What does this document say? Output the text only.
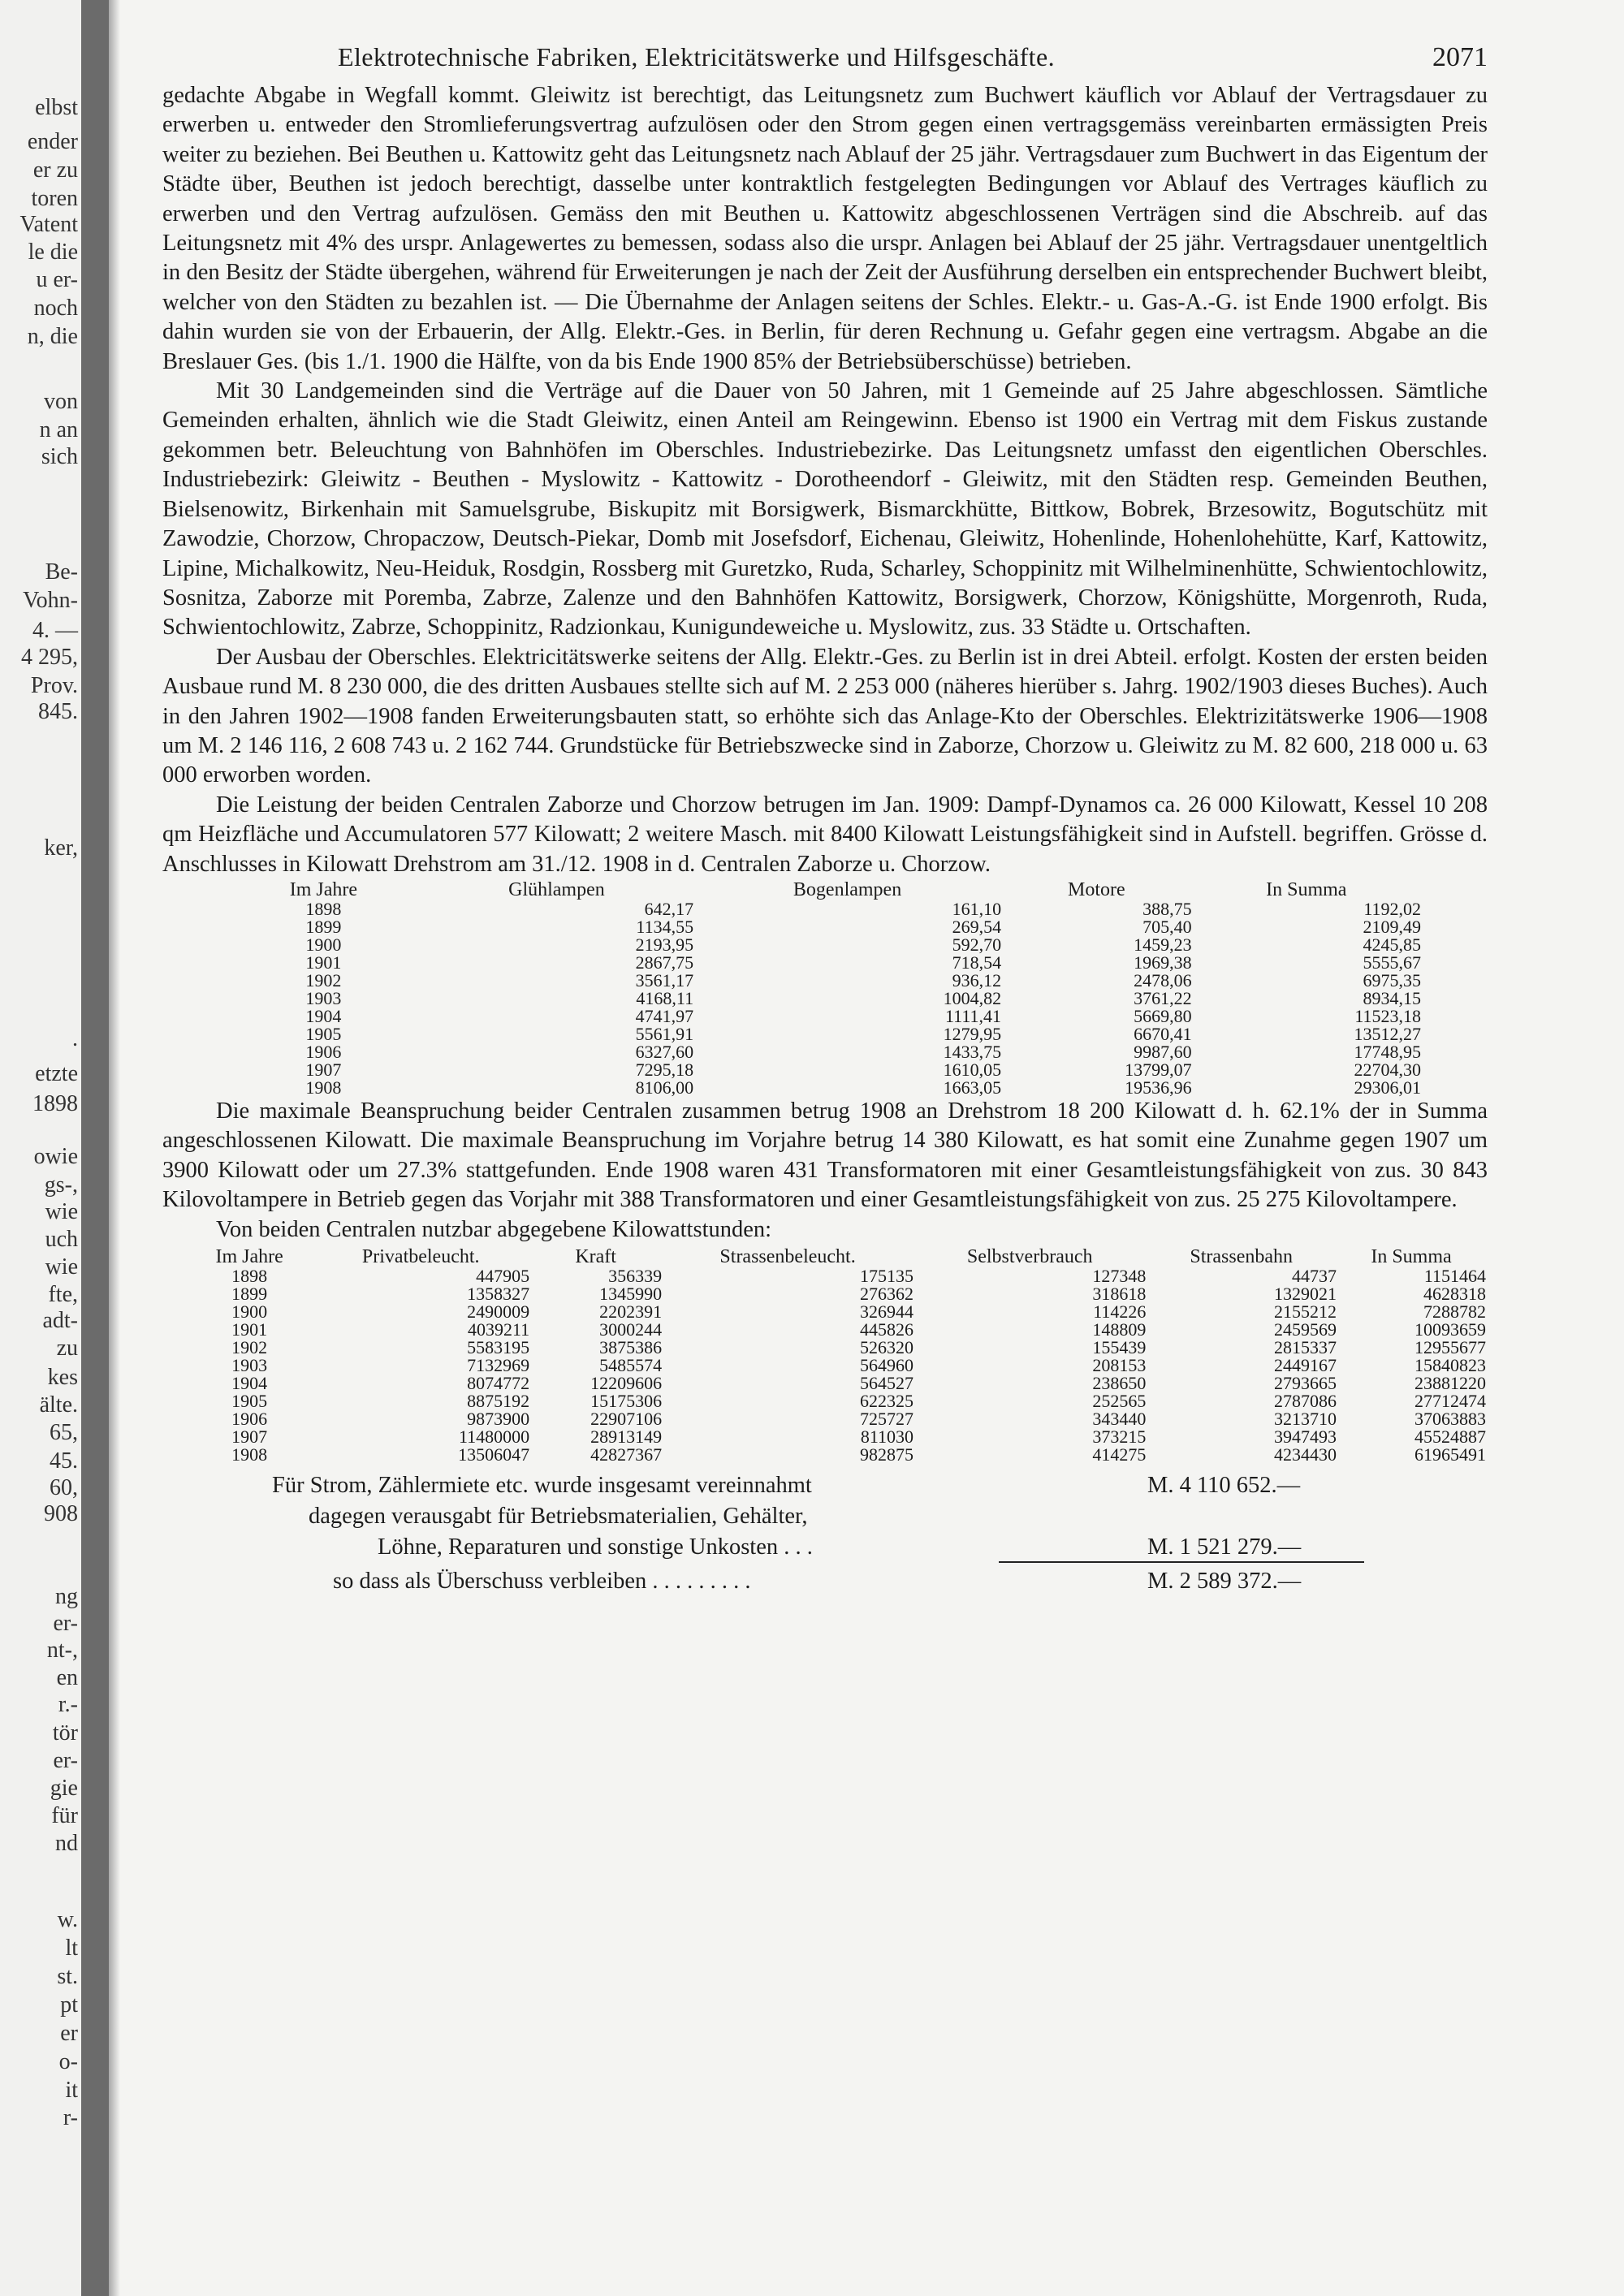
elbst
ender
er zu
toren
Vatent
le die
u er-
noch
n, die
von
n an
sich
Be-
Vohn-
4. —
4 295,
Prov.
845.
ker,
.
etzte
1898
owie
gs-,
wie
uch
wie
fte,
adt-
zu
kes
älte.
65,
45.
60,
908
ng
er-
nt-,
en
r.-
tör
er-
gie
für
nd
w.
lt
st.
pt
er
o-
it
r-
Elektrotechnische Fabriken, Elektricitätswerke und Hilfsgeschäfte.	2071

gedachte Abgabe in Wegfall kommt. Gleiwitz ist berechtigt, das Leitungsnetz zum Buchwert käuflich vor Ablauf der Vertragsdauer zu erwerben u. entweder den Stromlieferungsvertrag aufzulösen oder den Strom gegen einen vertragsgemäss vereinbarten ermässigten Preis weiter zu beziehen. Bei Beuthen u. Kattowitz geht das Leitungsnetz nach Ablauf der 25 jähr. Vertragsdauer zum Buchwert in das Eigentum der Städte über, Beuthen ist jedoch berechtigt, dasselbe unter kontraktlich festgelegten Bedingungen vor Ablauf des Vertrages käuflich zu erwerben und den Vertrag aufzulösen. Gemäss den mit Beuthen u. Kattowitz abgeschlossenen Verträgen sind die Abschreib. auf das Leitungsnetz mit 4% des urspr. Anlagewertes zu bemessen, sodass also die urspr. Anlagen bei Ablauf der 25 jähr. Vertragsdauer unentgeltlich in den Besitz der Städte übergehen, während für Erweiterungen je nach der Zeit der Ausführung derselben ein entsprechender Buchwert bleibt, welcher von den Städten zu bezahlen ist. — Die Übernahme der Anlagen seitens der Schles. Elektr.- u. Gas-A.-G. ist Ende 1900 erfolgt. Bis dahin wurden sie von der Erbauerin, der Allg. Elektr.-Ges. in Berlin, für deren Rechnung u. Gefahr gegen eine vertragsm. Abgabe an die Breslauer Ges. (bis 1./1. 1900 die Hälfte, von da bis Ende 1900 85% der Betriebsüberschüsse) betrieben.

Mit 30 Landgemeinden sind die Verträge auf die Dauer von 50 Jahren, mit 1 Gemeinde auf 25 Jahre abgeschlossen. Sämtliche Gemeinden erhalten, ähnlich wie die Stadt Gleiwitz, einen Anteil am Reingewinn. Ebenso ist 1900 ein Vertrag mit dem Fiskus zustande gekommen betr. Beleuchtung von Bahnhöfen im Oberschles. Industriebezirke. Das Leitungsnetz umfasst den eigentlichen Oberschles. Industriebezirk: Gleiwitz - Beuthen - Myslowitz - Kattowitz - Dorotheendorf - Gleiwitz, mit den Städten resp. Gemeinden Beuthen, Bielsenowitz, Birkenhain mit Samuelsgrube, Biskupitz mit Borsigwerk, Bismarckhütte, Bittkow, Bobrek, Brzesowitz, Bogutschütz mit Zawodzie, Chorzow, Chropaczow, Deutsch-Piekar, Domb mit Josefsdorf, Eichenau, Gleiwitz, Hohenlinde, Hohenlohehütte, Karf, Kattowitz, Lipine, Michalkowitz, Neu-Heiduk, Rosdgin, Rossberg mit Guretzko, Ruda, Scharley, Schoppinitz mit Wilhelminenhütte, Schwientochlowitz, Sosnitza, Zaborze mit Poremba, Zabrze, Zalenze und den Bahnhöfen Kattowitz, Borsigwerk, Chorzow, Königshütte, Morgenroth, Ruda, Schwientochlowitz, Zabrze, Schoppinitz, Radzionkau, Kunigundeweiche u. Myslowitz, zus. 33 Städte u. Ortschaften.

Der Ausbau der Oberschles. Elektricitätswerke seitens der Allg. Elektr.-Ges. zu Berlin ist in drei Abteil. erfolgt. Kosten der ersten beiden Ausbaue rund M. 8 230 000, die des dritten Ausbaues stellte sich auf M. 2 253 000 (näheres hierüber s. Jahrg. 1902/1903 dieses Buches). Auch in den Jahren 1902—1908 fanden Erweiterungsbauten statt, so erhöhte sich das Anlage-Kto der Oberschles. Elektrizitätswerke 1906—1908 um M. 2 146 116, 2 608 743 u. 2 162 744. Grundstücke für Betriebszwecke sind in Zaborze, Chorzow u. Gleiwitz zu M. 82 600, 218 000 u. 63 000 erworben worden.

Die Leistung der beiden Centralen Zaborze und Chorzow betrugen im Jan. 1909: Dampf-Dynamos ca. 26 000 Kilowatt, Kessel 10 208 qm Heizfläche und Accumulatoren 577 Kilowatt; 2 weitere Masch. mit 8400 Kilowatt Leistungsfähigkeit sind in Aufstell. begriffen. Grösse d. Anschlusses in Kilowatt Drehstrom am 31./12. 1908 in d. Centralen Zaborze u. Chorzow.

Im Jahre	Glühlampen	Bogenlampen	Motore	In Summa
1898	642,17	161,10	388,75	1192,02
1899	1134,55	269,54	705,40	2109,49
1900	2193,95	592,70	1459,23	4245,85
1901	2867,75	718,54	1969,38	5555,67
1902	3561,17	936,12	2478,06	6975,35
1903	4168,11	1004,82	3761,22	8934,15
1904	4741,97	1111,41	5669,80	11523,18
1905	5561,91	1279,95	6670,41	13512,27
1906	6327,60	1433,75	9987,60	17748,95
1907	7295,18	1610,05	13799,07	22704,30
1908	8106,00	1663,05	19536,96	29306,01

Die maximale Beanspruchung beider Centralen zusammen betrug 1908 an Drehstrom 18 200 Kilowatt d. h. 62.1% der in Summa angeschlossenen Kilowatt. Die maximale Beanspruchung im Vorjahre betrug 14 380 Kilowatt, es hat somit eine Zunahme gegen 1907 um 3900 Kilowatt oder um 27.3% stattgefunden. Ende 1908 waren 431 Transformatoren mit einer Gesamtleistungsfähigkeit von zus. 30 843 Kilovoltampere in Betrieb gegen das Vorjahr mit 388 Transformatoren und einer Gesamtleistungsfähigkeit von zus. 25 275 Kilovoltampere.

Von beiden Centralen nutzbar abgegebene Kilowattstunden:

Im Jahre	Privatbeleucht.	Kraft	Strassenbeleucht.	Selbstverbrauch	Strassenbahn	In Summa
1898	447905	356339	175135	127348	44737	1151464
1899	1358327	1345990	276362	318618	1329021	4628318
1900	2490009	2202391	326944	114226	2155212	7288782
1901	4039211	3000244	445826	148809	2459569	10093659
1902	5583195	3875386	526320	155439	2815337	12955677
1903	7132969	5485574	564960	208153	2449167	15840823
1904	8074772	12209606	564527	238650	2793665	23881220
1905	8875192	15175306	622325	252565	2787086	27712474
1906	9873900	22907106	725727	343440	3213710	37063883
1907	11480000	28913149	811030	373215	3947493	45524887
1908	13506047	42827367	982875	414275	4234430	61965491
Für Strom, Zählermiete etc. wurde insgesamt vereinnahmt	M. 4 110 652.—
dagegen verausgabt für Betriebsmaterialien, Gehälter,
Löhne, Reparaturen und sonstige Unkosten . . .	M. 1 521 279.—
so dass als Überschuss verbleiben . . . . . . . . .	M. 2 589 372.—
